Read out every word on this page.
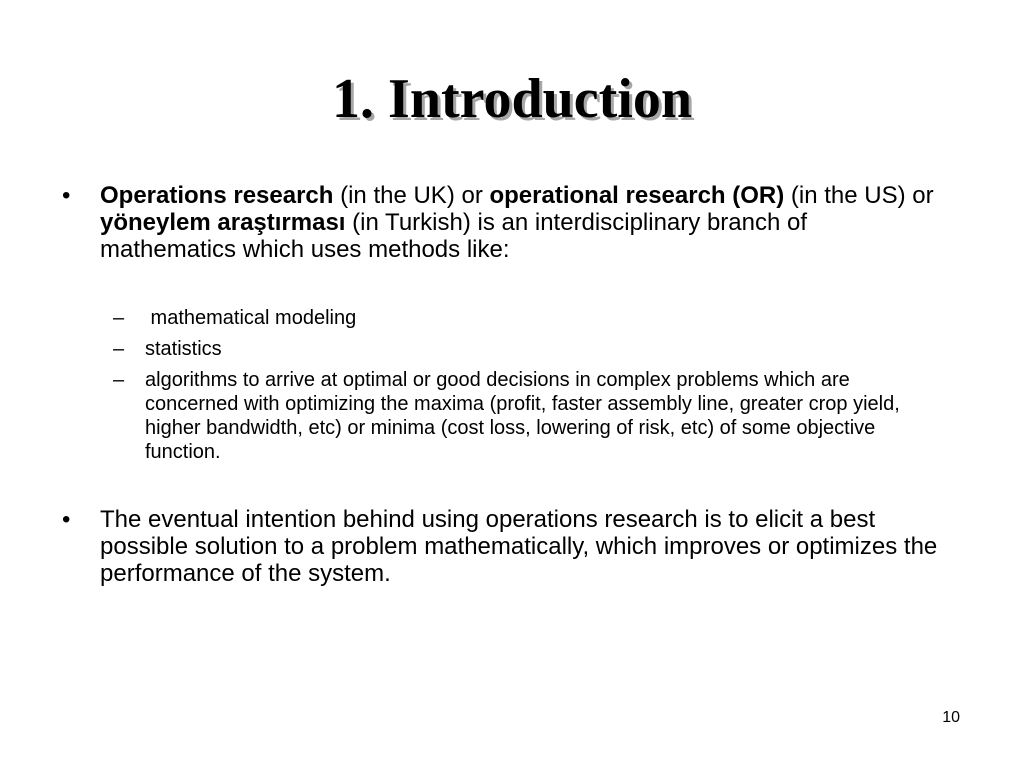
1. Introduction
•	Operations research (in the UK) or operational research (OR) (in the US) or yöneylem araştırması (in Turkish) is an interdisciplinary branch of mathematics which uses methods like:
– mathematical modeling
– statistics
– algorithms to arrive at optimal or good decisions in complex problems which are concerned with optimizing the maxima (profit, faster assembly line, greater crop yield, higher bandwidth, etc) or minima (cost loss, lowering of risk, etc) of some objective function.
•	The eventual intention behind using operations research is to elicit a best possible solution to a problem mathematically, which improves or optimizes the performance of the system.
10
